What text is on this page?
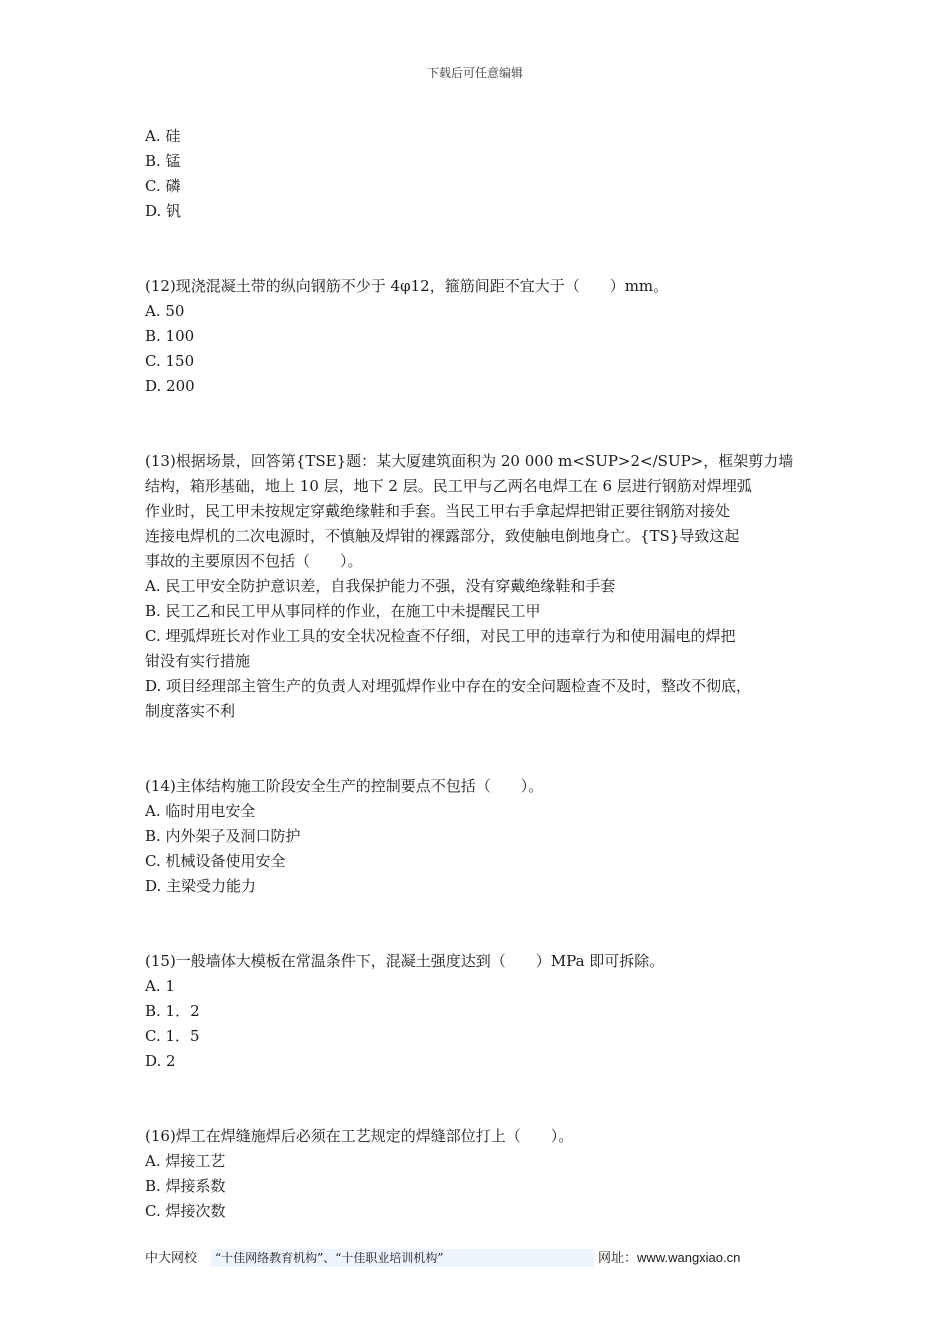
下载后可任意编辑
A. 硅
B. 锰
C. 磷
D. 钒
(12)现浇混凝土带的纵向钢筋不少于 4φ12，箍筋间距不宜大于（　　）mm。
A. 50
B. 100
C. 150
D. 200
(13)根据场景，回答第{TSE}题：某大厦建筑面积为 20 000 m<SUP>2</SUP>，框架剪力墙
结构，箱形基础，地上 10 层，地下 2 层。民工甲与乙两名电焊工在 6 层进行钢筋对焊埋弧
作业时，民工甲未按规定穿戴绝缘鞋和手套。当民工甲右手拿起焊把钳正要往钢筋对接处
连接电焊机的二次电源时，不慎触及焊钳的裸露部分，致使触电倒地身亡。{TS}导致这起
事故的主要原因不包括（　　）。
A. 民工甲安全防护意识差，自我保护能力不强，没有穿戴绝缘鞋和手套
B. 民工乙和民工甲从事同样的作业，在施工中未提醒民工甲
C. 埋弧焊班长对作业工具的安全状况检查不仔细，对民工甲的违章行为和使用漏电的焊把
钳没有实行措施
D. 项目经理部主管生产的负责人对埋弧焊作业中存在的安全问题检查不及时，整改不彻底，
制度落实不利
(14)主体结构施工阶段安全生产的控制要点不包括（　　）。
A. 临时用电安全
B. 内外架子及洞口防护
C. 机械设备使用安全
D. 主梁受力能力
(15)一般墙体大模板在常温条件下，混凝土强度达到（　　）MPa 即可拆除。
A. 1
B. 1．2
C. 1．5
D. 2
(16)焊工在焊缝施焊后必须在工艺规定的焊缝部位打上（　　）。
A. 焊接工艺
B. 焊接系数
C. 焊接次数
中大网校 “十佳网络教育机构”、“十佳职业培训机构”	网址：www.wangxiao.cn
